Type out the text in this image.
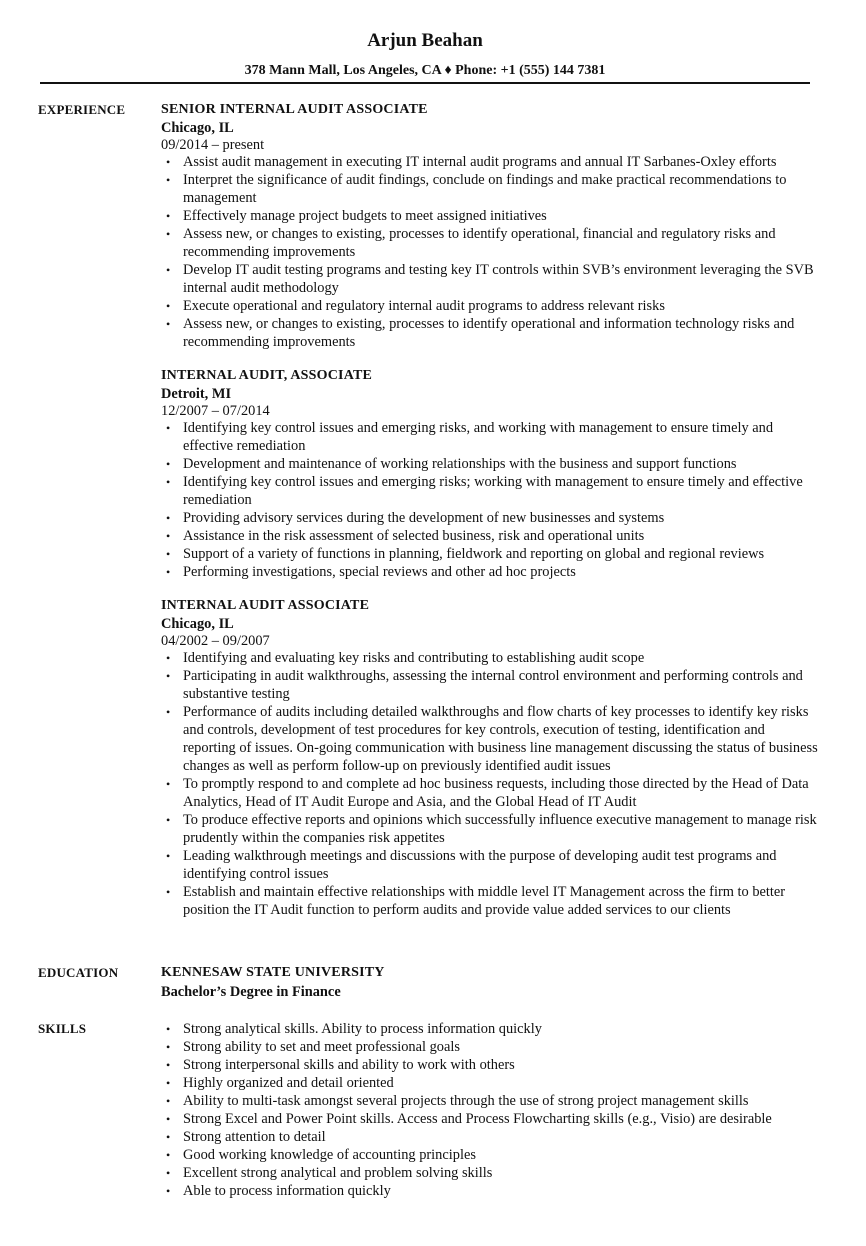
Arjun Beahan
378 Mann Mall, Los Angeles, CA ♦ Phone: +1 (555) 144 7381
EXPERIENCE	SENIOR INTERNAL AUDIT ASSOCIATE
Chicago, IL
09/2014 – present
• Assist audit management in executing IT internal audit programs and annual IT Sarbanes-Oxley efforts
• Interpret the significance of audit findings, conclude on findings and make practical recommendations to management
• Effectively manage project budgets to meet assigned initiatives
• Assess new, or changes to existing, processes to identify operational, financial and regulatory risks and recommending improvements
• Develop IT audit testing programs and testing key IT controls within SVB’s environment leveraging the SVB internal audit methodology
• Execute operational and regulatory internal audit programs to address relevant risks
• Assess new, or changes to existing, processes to identify operational and information technology risks and recommending improvements
INTERNAL AUDIT, ASSOCIATE
Detroit, MI
12/2007 – 07/2014
• Identifying key control issues and emerging risks, and working with management to ensure timely and effective remediation
• Development and maintenance of working relationships with the business and support functions
• Identifying key control issues and emerging risks; working with management to ensure timely and effective remediation
• Providing advisory services during the development of new businesses and systems
• Assistance in the risk assessment of selected business, risk and operational units
• Support of a variety of functions in planning, fieldwork and reporting on global and regional reviews
• Performing investigations, special reviews and other ad hoc projects
INTERNAL AUDIT ASSOCIATE
Chicago, IL
04/2002 – 09/2007
• Identifying and evaluating key risks and contributing to establishing audit scope
• Participating in audit walkthroughs, assessing the internal control environment and performing controls and substantive testing
• Performance of audits including detailed walkthroughs and flow charts of key processes to identify key risks and controls, development of test procedures for key controls, execution of testing, identification and reporting of issues. On-going communication with business line management discussing the status of business changes as well as perform follow-up on previously identified audit issues
• To promptly respond to and complete ad hoc business requests, including those directed by the Head of Data Analytics, Head of IT Audit Europe and Asia, and the Global Head of IT Audit
• To produce effective reports and opinions which successfully influence executive management to manage risk prudently within the companies risk appetites
• Leading walkthrough meetings and discussions with the purpose of developing audit test programs and identifying control issues
• Establish and maintain effective relationships with middle level IT Management across the firm to better position the IT Audit function to perform audits and provide value added services to our clients
EDUCATION	KENNESAW STATE UNIVERSITY
Bachelor’s Degree in Finance
SKILLS	• Strong analytical skills. Ability to process information quickly
• Strong ability to set and meet professional goals
• Strong interpersonal skills and ability to work with others
• Highly organized and detail oriented
• Ability to multi-task amongst several projects through the use of strong project management skills
• Strong Excel and Power Point skills. Access and Process Flowcharting skills (e.g., Visio) are desirable
• Strong attention to detail
• Good working knowledge of accounting principles
• Excellent strong analytical and problem solving skills
• Able to process information quickly
